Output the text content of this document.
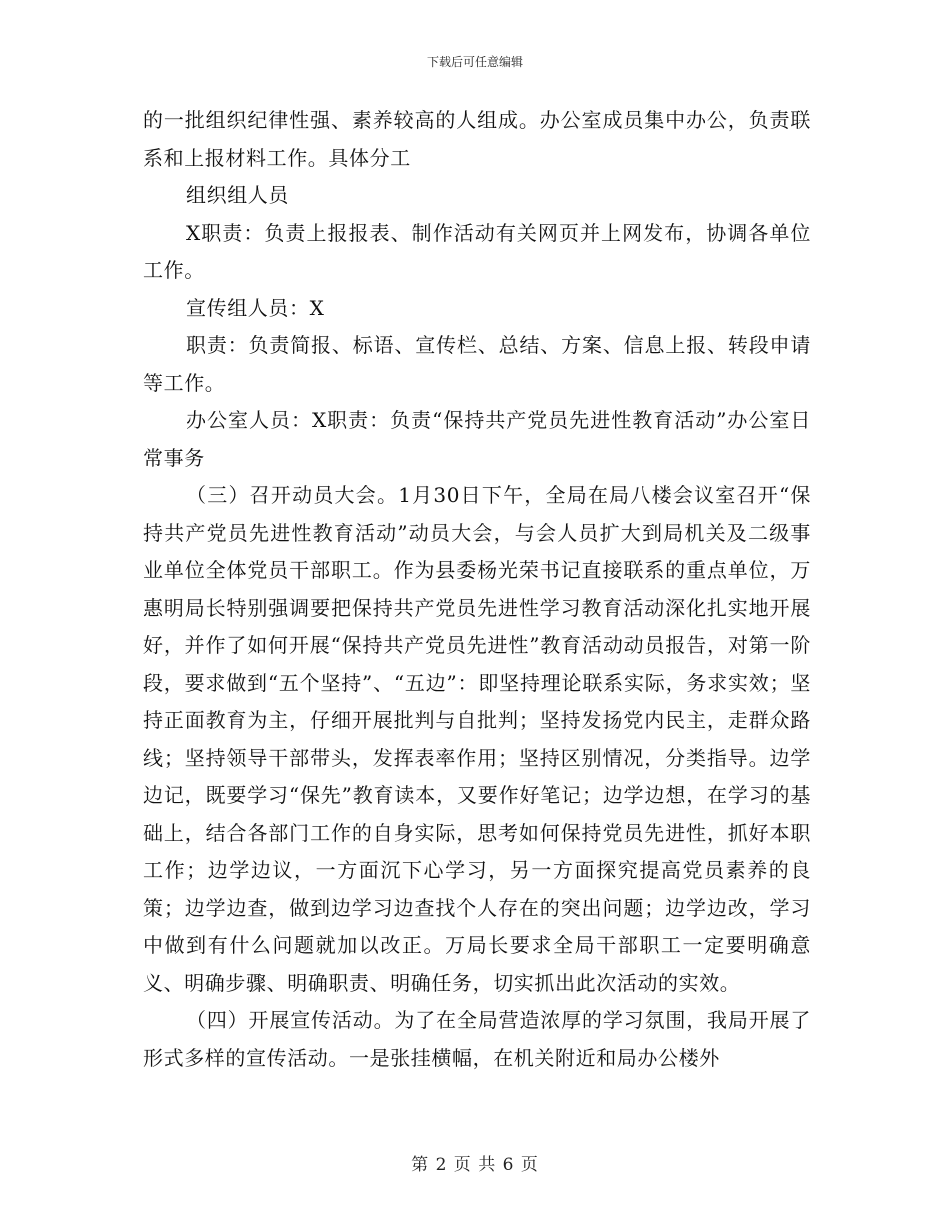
下载后可任意编辑

的一批组织纪律性强、素养较高的人组成。办公室成员集中办公，负责联系和上报材料工作。具体分工

组织组人员

X职责：负责上报报表、制作活动有关网页并上网发布，协调各单位工作。

宣传组人员：X

职责：负责简报、标语、宣传栏、总结、方案、信息上报、转段申请等工作。

办公室人员：X职责：负责“保持共产党员先进性教育活动”办公室日常事务

（三）召开动员大会。1月30日下午，全局在局八楼会议室召开“保持共产党员先进性教育活动”动员大会，与会人员扩大到局机关及二级事业单位全体党员干部职工。作为县委杨光荣书记直接联系的重点单位，万惠明局长特别强调要把保持共产党员先进性学习教育活动深化扎实地开展好，并作了如何开展“保持共产党员先进性”教育活动动员报告，对第一阶段，要求做到“五个坚持”、“五边”：即坚持理论联系实际，务求实效；坚持正面教育为主，仔细开展批判与自批判；坚持发扬党内民主，走群众路线；坚持领导干部带头，发挥表率作用；坚持区别情况，分类指导。边学边记，既要学习“保先”教育读本，又要作好笔记；边学边想，在学习的基础上，结合各部门工作的自身实际，思考如何保持党员先进性，抓好本职工作；边学边议，一方面沉下心学习，另一方面探究提高党员素养的良策；边学边查，做到边学习边查找个人存在的突出问题；边学边改，学习中做到有什么问题就加以改正。万局长要求全局干部职工一定要明确意义、明确步骤、明确职责、明确任务，切实抓出此次活动的实效。

（四）开展宣传活动。为了在全局营造浓厚的学习氛围，我局开展了形式多样的宣传活动。一是张挂横幅，在机关附近和局办公楼外

第 2 页 共 6 页
